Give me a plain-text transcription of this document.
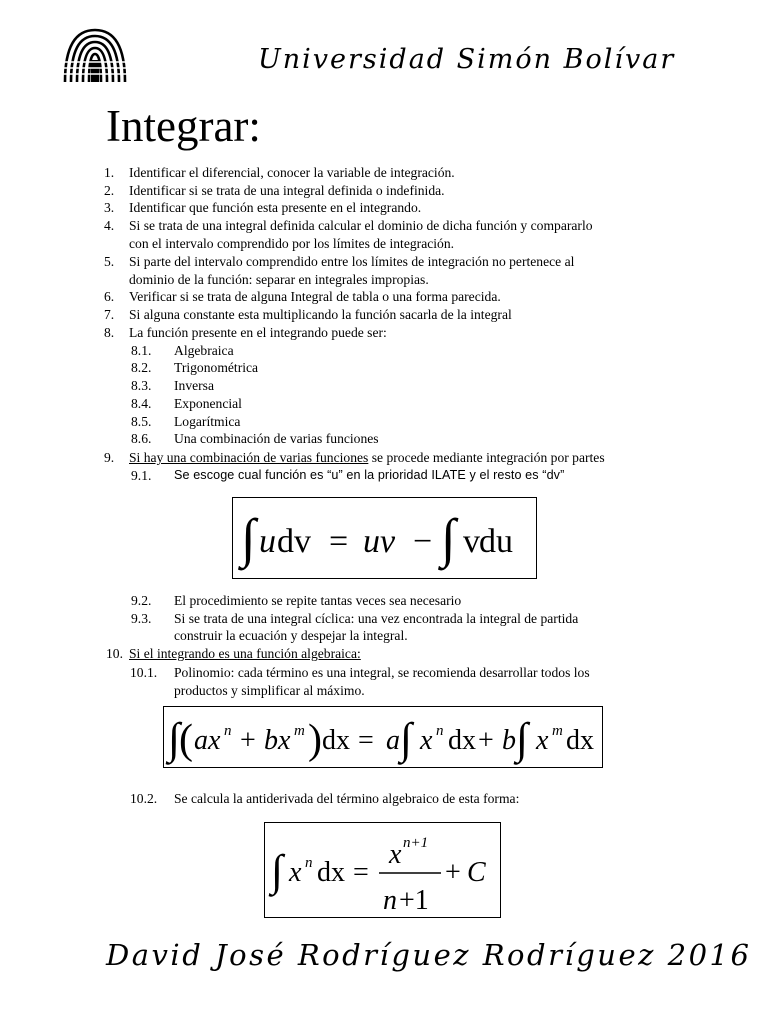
Universidad Simón Bolívar
Integrar:
1. Identificar el diferencial, conocer la variable de integración.
2. Identificar si se trata de una integral definida o indefinida.
3. Identificar que función esta presente en el integrando.
4. Si se trata de una integral definida calcular el dominio de dicha función y compararlo
con el intervalo comprendido por los límites de integración.
5. Si parte del intervalo comprendido entre los límites de integración no pertenece al
dominio de la función: separar en integrales impropias.
6. Verificar si se trata de alguna Integral de tabla o una forma parecida.
7. Si alguna constante esta multiplicando la función sacarla de la integral
8. La función presente en el integrando puede ser:
8.1. Algebraica
8.2. Trigonométrica
8.3. Inversa
8.4. Exponencial
8.5. Logarítmica
8.6. Una combinación de varias funciones
9. Si hay una combinación de varias funciones se procede mediante integración por partes
9.1. Se escoge cual función es “u” en la prioridad ILATE y el resto es “dv”
∫ u dv = uv − ∫ v du
9.2. El procedimiento se repite tantas veces sea necesario
9.3. Si se trata de una integral cíclica: una vez encontrada la integral de partida
construir la ecuación y despejar la integral.
10. Si el integrando es una función algebraica:
10.1. Polinomio: cada término es una integral, se recomienda desarrollar todos los
productos y simplificar al máximo.
∫
( a x n + b x m ) dx = a ∫ x n dx + b ∫ x m dx
10.2. Se calcula la antiderivada del término algebraico de esta forma:
∫ x n dx =
x n+1
n +1
+ C
David José Rodríguez Rodríguez 2016
